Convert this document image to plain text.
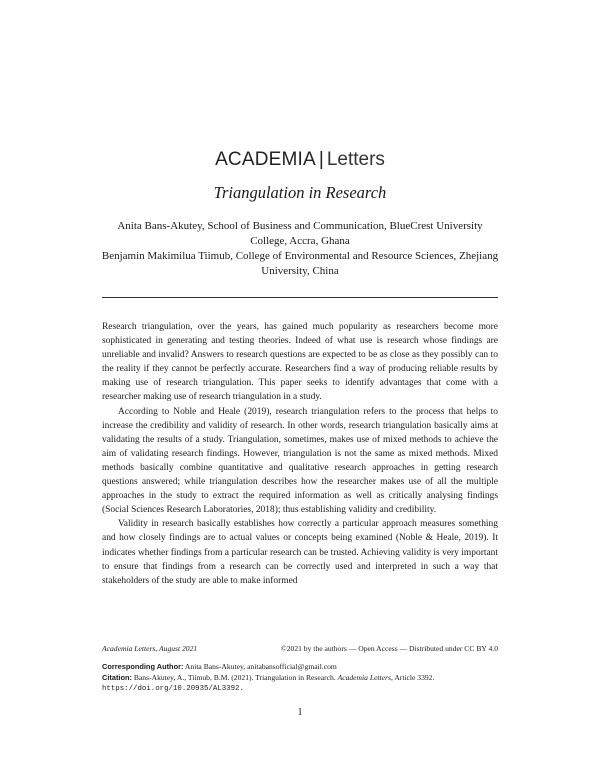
ACADEMIA | Letters
Triangulation in Research

Anita Bans-Akutey, School of Business and Communication, BlueCrest University College, Accra, Ghana

Benjamin Makimilua Tiimub, College of Environmental and Resource Sciences, Zhejiang University, China

Research triangulation, over the years, has gained much popularity as researchers become more sophisticated in generating and testing theories. Indeed of what use is research whose findings are unreliable and invalid? Answers to research questions are expected to be as close as they possibly can to the reality if they cannot be perfectly accurate. Researchers find a way of producing reliable results by making use of research triangulation. This paper seeks to identify advantages that come with a researcher making use of research triangulation in a study.

According to Noble and Heale (2019), research triangulation refers to the process that helps to increase the credibility and validity of research. In other words, research triangulation basically aims at validating the results of a study. Triangulation, sometimes, makes use of mixed methods to achieve the aim of validating research findings. However, triangulation is not the same as mixed methods. Mixed methods basically combine quantitative and qualitative research approaches in getting research questions answered; while triangulation describes how the researcher makes use of all the multiple approaches in the study to extract the required information as well as critically analysing findings (Social Sciences Research Laboratories, 2018); thus establishing validity and credibility.

Validity in research basically establishes how correctly a particular approach measures something and how closely findings are to actual values or concepts being examined (Noble & Heale, 2019). It indicates whether findings from a particular research can be trusted. Achieving validity is very important to ensure that findings from a research can be correctly used and interpreted in such a way that stakeholders of the study are able to make informed

Academia Letters, August 2021	©2021 by the authors — Open Access — Distributed under CC BY 4.0

Corresponding Author: Anita Bans-Akutey, anitabansofficial@gmail.com

Citation: Bans-Akutey, A., Tiimub, B.M. (2021). Triangulation in Research. Academia Letters, Article 3392.

https://doi.org/10.20935/AL3392.

1
